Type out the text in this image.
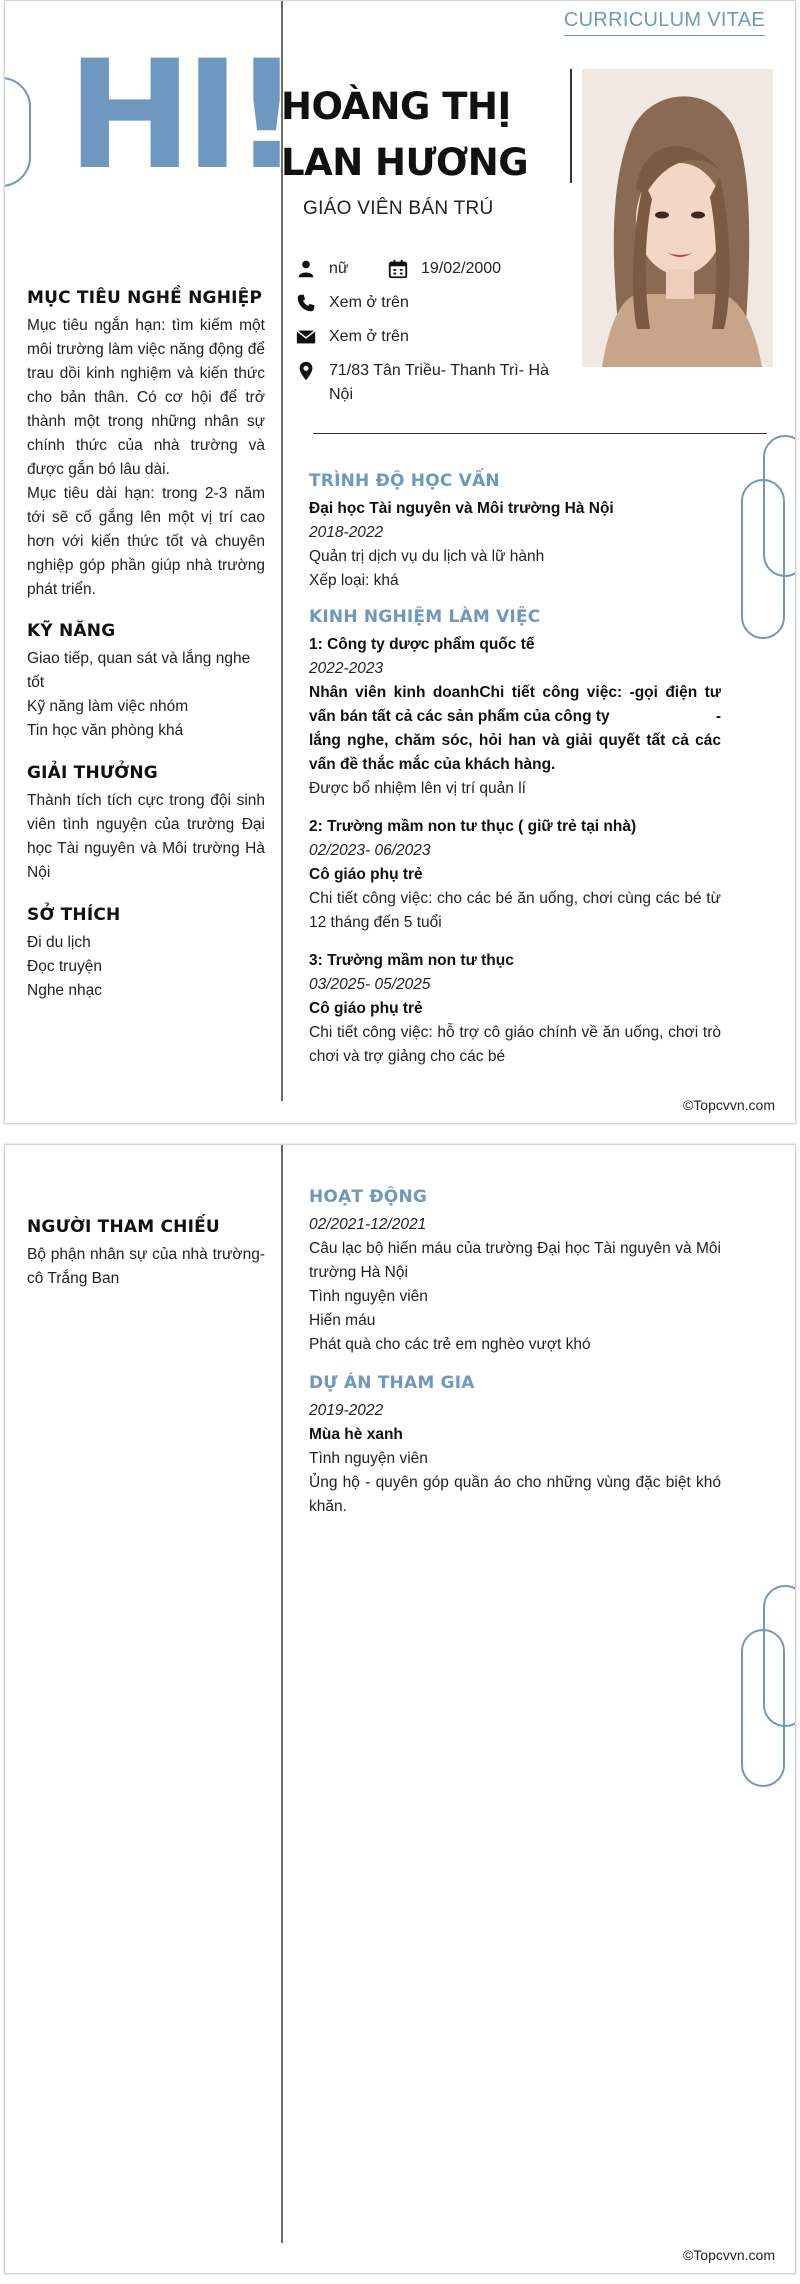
CURRICULUM VITAE
HI!
HOÀNG THỊ
LAN HƯƠNG
GIÁO VIÊN BÁN TRÚ
nữ	19/02/2000
Xem ở trên
Xem ở trên
71/83 Tân Triều- Thanh Trì- Hà Nội
MỤC TIÊU NGHỀ NGHIỆP
Mục tiêu ngắn hạn: tìm kiếm một môi trường làm việc năng động để trau dồi kinh nghiệm và kiến thức cho bản thân. Có cơ hội để trở thành một trong những nhân sự chính thức của nhà trường và được gắn bó lâu dài.
Mục tiêu dài hạn: trong 2-3 năm tới sẽ cố gắng lên một vị trí cao hơn với kiến thức tốt và chuyên nghiệp góp phần giúp nhà trường phát triển.
KỸ NĂNG
Giao tiếp, quan sát và lắng nghe tốt
Kỹ năng làm việc nhóm
Tin học văn phòng khá
GIẢI THƯỞNG
Thành tích tích cực trong đội sinh viên tình nguyện của trường Đại học Tài nguyên và Môi trường Hà Nội
SỞ THÍCH
Đi du lịch
Đọc truyện
Nghe nhạc
TRÌNH ĐỘ HỌC VẤN
Đại học Tài nguyên và Môi trường Hà Nội
2018-2022
Quản trị dịch vụ du lịch và lữ hành
Xếp loại: khá
KINH NGHIỆM LÀM VIỆC
1: Công ty dược phẩm quốc tế
2022-2023
Nhân viên kinh doanhChi tiết công việc: -gọi điện tư vấn bán tất cả các sản phẩm của công ty	-
lắng nghe, chăm sóc, hỏi han và giải quyết tất cả các vấn đề thắc mắc của khách hàng.
Được bổ nhiệm lên vị trí quản lí
2: Trường mầm non tư thục ( giữ trẻ tại nhà)
02/2023- 06/2023
Cô giáo phụ trẻ
Chi tiết công việc: cho các bé ăn uống, chơi cùng các bé từ 12 tháng đến 5 tuổi
3: Trường mầm non tư thục
03/2025- 05/2025
Cô giáo phụ trẻ
Chi tiết công việc: hỗ trợ cô giáo chính về ăn uống, chơi trò chơi và trợ giảng cho các bé
©Topcvvn.com
NGƯỜI THAM CHIẾU
Bộ phận nhân sự của nhà trường- cô Trắng Ban
HOẠT ĐỘNG
02/2021-12/2021
Câu lạc bộ hiến máu của trường Đại học Tài nguyên và Môi trường Hà Nội
Tình nguyện viên
Hiến máu
Phát quà cho các trẻ em nghèo vượt khó
DỰ ÁN THAM GIA
2019-2022
Mùa hè xanh
Tình nguyện viên
Ủng hộ - quyên góp quần áo cho những vùng đặc biệt khó khăn.
©Topcvvn.com
